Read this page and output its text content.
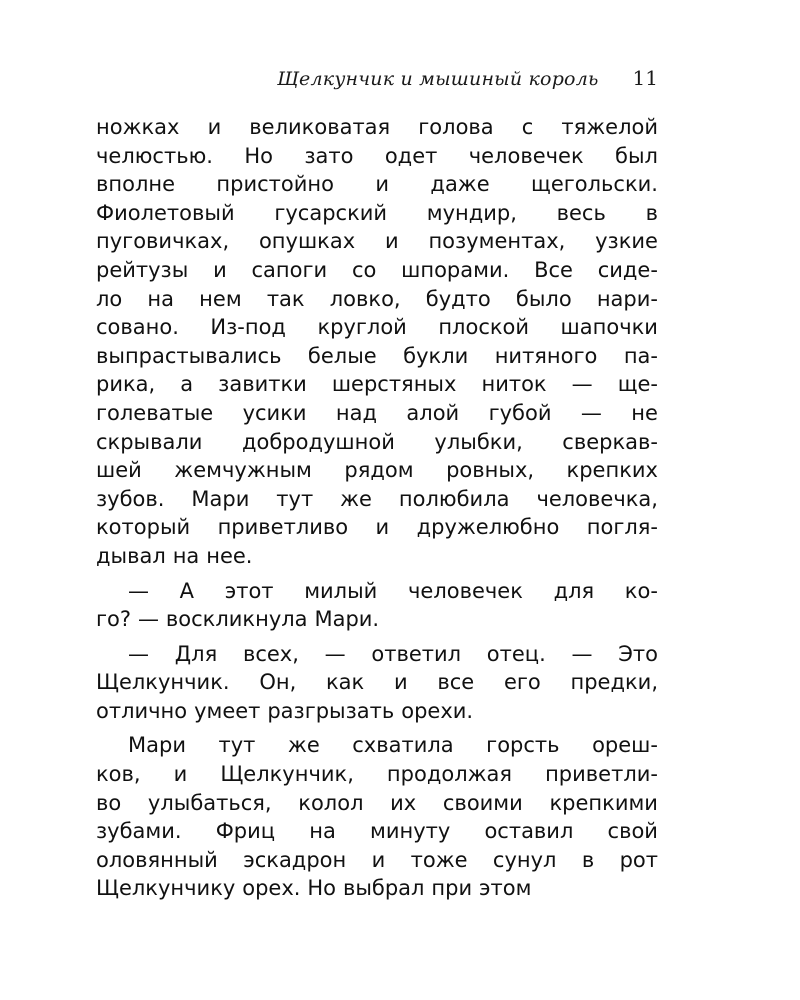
Щелкунчик и мышиный король 11
ножках и великоватая голова с тяжелой
челюстью. Но зато одет человечек был
вполне пристойно и даже щегольски.
Фиолетовый гусарский мундир, весь в
пуговичках, опушках и позументах, узкие
рейтузы и сапоги со шпорами. Все сиде-
ло на нем так ловко, будто было нари-
совано. Из-под круглой плоской шапочки
выпрастывались белые букли нитяного па-
рика, а завитки шерстяных ниток — ще-
голеватые усики над алой губой — не
скрывали добродушной улыбки, сверкав-
шей жемчужным рядом ровных, крепких
зубов. Мари тут же полюбила человечка,
который приветливо и дружелюбно погля-
дывал на нее.
— А этот милый человечек для ко-
го? — воскликнула Мари.
— Для всех, — ответил отец. — Это
Щелкунчик. Он, как и все его предки,
отлично умеет разгрызать орехи.
Мари тут же схватила горсть ореш-
ков, и Щелкунчик, продолжая приветли-
во улыбаться, колол их своими крепкими
зубами. Фриц на минуту оставил свой
оловянный эскадрон и тоже сунул в рот
Щелкунчику орех. Но выбрал при этом
